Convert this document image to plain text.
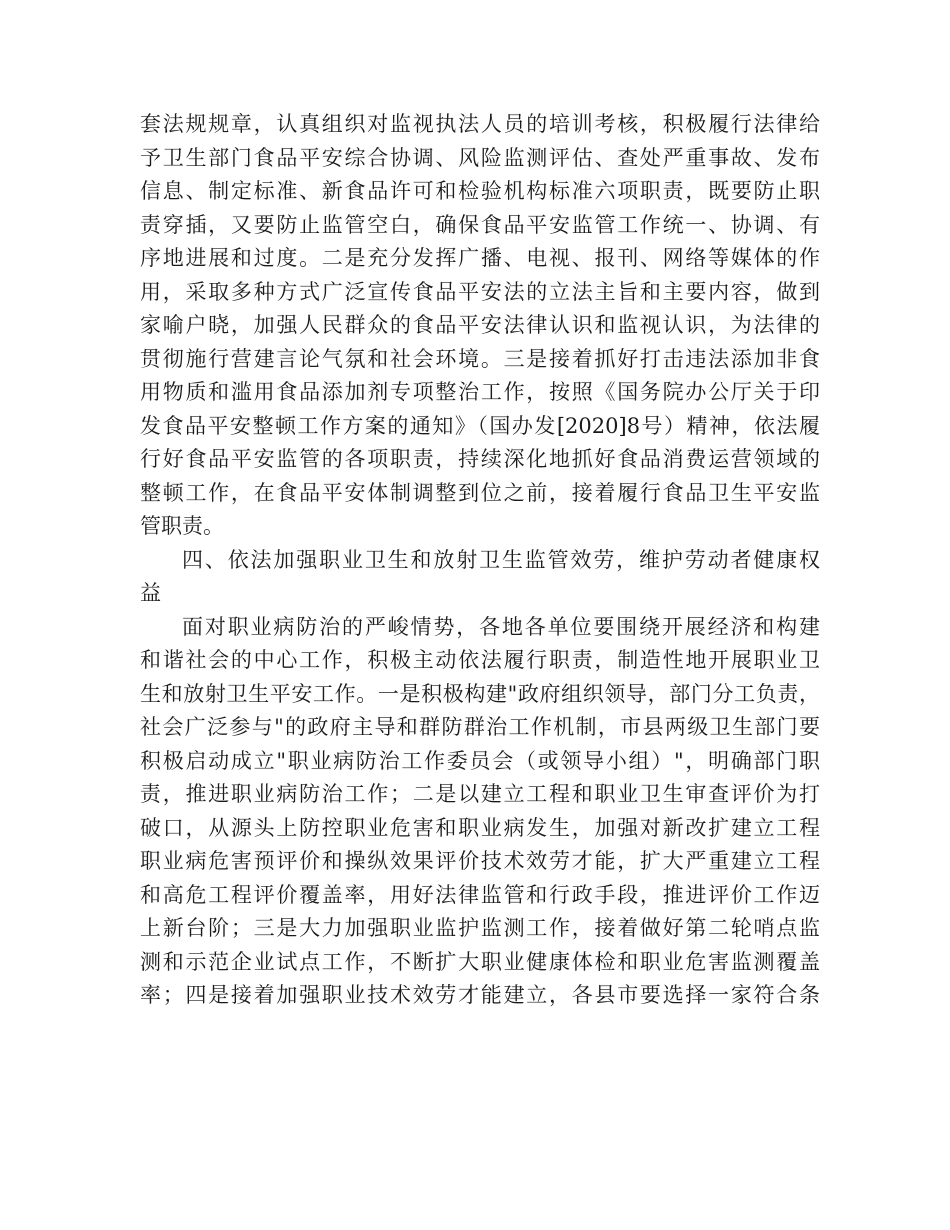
套法规规章，认真组织对监视执法人员的培训考核，积极履行法律给
予卫生部门食品平安综合协调、风险监测评估、查处严重事故、发布
信息、制定标准、新食品许可和检验机构标准六项职责，既要防止职
责穿插，又要防止监管空白，确保食品平安监管工作统一、协调、有
序地进展和过度。二是充分发挥广播、电视、报刊、网络等媒体的作
用，采取多种方式广泛宣传食品平安法的立法主旨和主要内容，做到
家喻户晓，加强人民群众的食品平安法律认识和监视认识，为法律的
贯彻施行营建言论气氛和社会环境。三是接着抓好打击违法添加非食
用物质和滥用食品添加剂专项整治工作，按照《国务院办公厅关于印
发食品平安整顿工作方案的通知》（国办发[2020]8号）精神，依法履
行好食品平安监管的各项职责，持续深化地抓好食品消费运营领域的
整顿工作，在食品平安体制调整到位之前，接着履行食品卫生平安监
管职责。
四、依法加强职业卫生和放射卫生监管效劳，维护劳动者健康权
益
面对职业病防治的严峻情势，各地各单位要围绕开展经济和构建
和谐社会的中心工作，积极主动依法履行职责，制造性地开展职业卫
生和放射卫生平安工作。一是积极构建"政府组织领导，部门分工负责，
社会广泛参与"的政府主导和群防群治工作机制，市县两级卫生部门要
积极启动成立"职业病防治工作委员会（或领导小组）"，明确部门职
责，推进职业病防治工作；二是以建立工程和职业卫生审查评价为打
破口，从源头上防控职业危害和职业病发生，加强对新改扩建立工程
职业病危害预评价和操纵效果评价技术效劳才能，扩大严重建立工程
和高危工程评价覆盖率，用好法律监管和行政手段，推进评价工作迈
上新台阶；三是大力加强职业监护监测工作，接着做好第二轮哨点监
测和示范企业试点工作，不断扩大职业健康体检和职业危害监测覆盖
率；四是接着加强职业技术效劳才能建立，各县市要选择一家符合条
